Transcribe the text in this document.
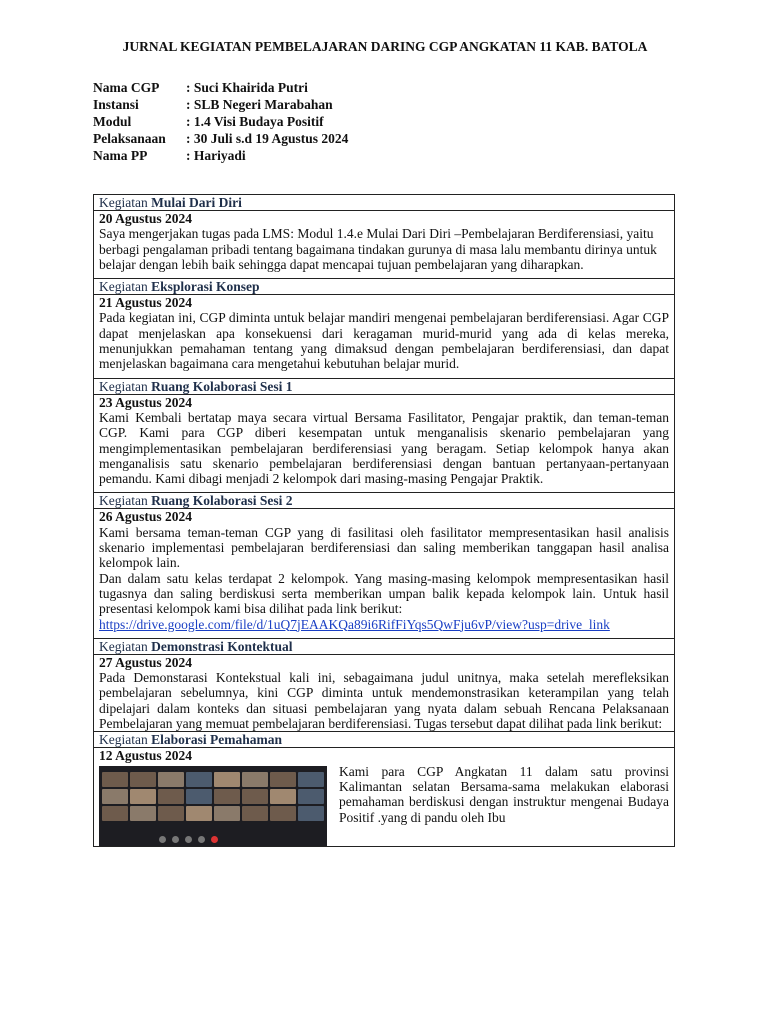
JURNAL KEGIATAN PEMBELAJARAN DARING CGP ANGKATAN 11 KAB. BATOLA
Nama CGP	: Suci Khairida Putri
Instansi	: SLB Negeri Marabahan
Modul	: 1.4 Visi Budaya Positif
Pelaksanaan	: 30 Juli s.d 19 Agustus 2024
Nama PP	: Hariyadi
Kegiatan Mulai Dari Diri
20 Agustus 2024
Saya mengerjakan tugas pada LMS: Modul 1.4.e Mulai Dari Diri –Pembelajaran Berdiferensiasi, yaitu berbagi pengalaman pribadi tentang bagaimana tindakan gurunya di masa lalu membantu dirinya untuk belajar dengan lebih baik sehingga dapat mencapai tujuan pembelajaran yang diharapkan.
Kegiatan Eksplorasi Konsep
21 Agustus 2024
Pada kegiatan ini, CGP diminta untuk belajar mandiri mengenai pembelajaran berdiferensiasi. Agar CGP dapat menjelaskan apa konsekuensi dari keragaman murid-murid yang ada di kelas mereka, menunjukkan pemahaman tentang yang dimaksud dengan pembelajaran berdiferensiasi, dan dapat menjelaskan bagaimana cara mengetahui kebutuhan belajar murid.
Kegiatan Ruang Kolaborasi Sesi 1
23 Agustus 2024
Kami Kembali bertatap maya secara virtual Bersama Fasilitator, Pengajar praktik, dan teman-teman CGP. Kami para CGP diberi kesempatan untuk menganalisis skenario pembelajaran yang mengimplementasikan pembelajaran berdiferensiasi yang beragam. Setiap kelompok hanya akan menganalisis satu skenario pembelajaran berdiferensiasi dengan bantuan pertanyaan-pertanyaan pemandu. Kami dibagi menjadi 2 kelompok dari masing-masing Pengajar Praktik.
Kegiatan Ruang Kolaborasi Sesi 2
26 Agustus 2024
Kami bersama teman-teman CGP yang di fasilitasi oleh fasilitator mempresentasikan hasil analisis skenario implementasi pembelajaran berdiferensiasi dan saling memberikan tanggapan hasil analisa kelompok lain.
Dan dalam satu kelas terdapat 2 kelompok. Yang masing-masing kelompok mempresentasikan hasil tugasnya dan saling berdiskusi serta memberikan umpan balik kepada kelompok lain. Untuk hasil presentasi kelompok kami bisa dilihat pada link berikut:
https://drive.google.com/file/d/1uQ7jEAAKQa89i6RifFiYqs5QwFju6vP/view?usp=drive_link
Kegiatan Demonstrasi Kontektual
27 Agustus 2024
Pada Demonstarasi Kontekstual kali ini, sebagaimana judul unitnya, maka setelah merefleksikan pembelajaran sebelumnya, kini CGP diminta untuk mendemonstrasikan keterampilan yang telah dipelajari dalam konteks dan situasi pembelajaran yang nyata dalam sebuah Rencana Pelaksanaan Pembelajaran yang memuat pembelajaran berdiferensiasi. Tugas tersebut dapat dilihat pada link berikut:
Kegiatan Elaborasi Pemahaman
12 Agustus 2024
Kami para CGP Angkatan 11 dalam satu provinsi Kalimantan selatan Bersama-sama melakukan elaborasi pemahaman berdiskusi dengan instruktur mengenai Budaya Positif .yang di pandu oleh Ibu
